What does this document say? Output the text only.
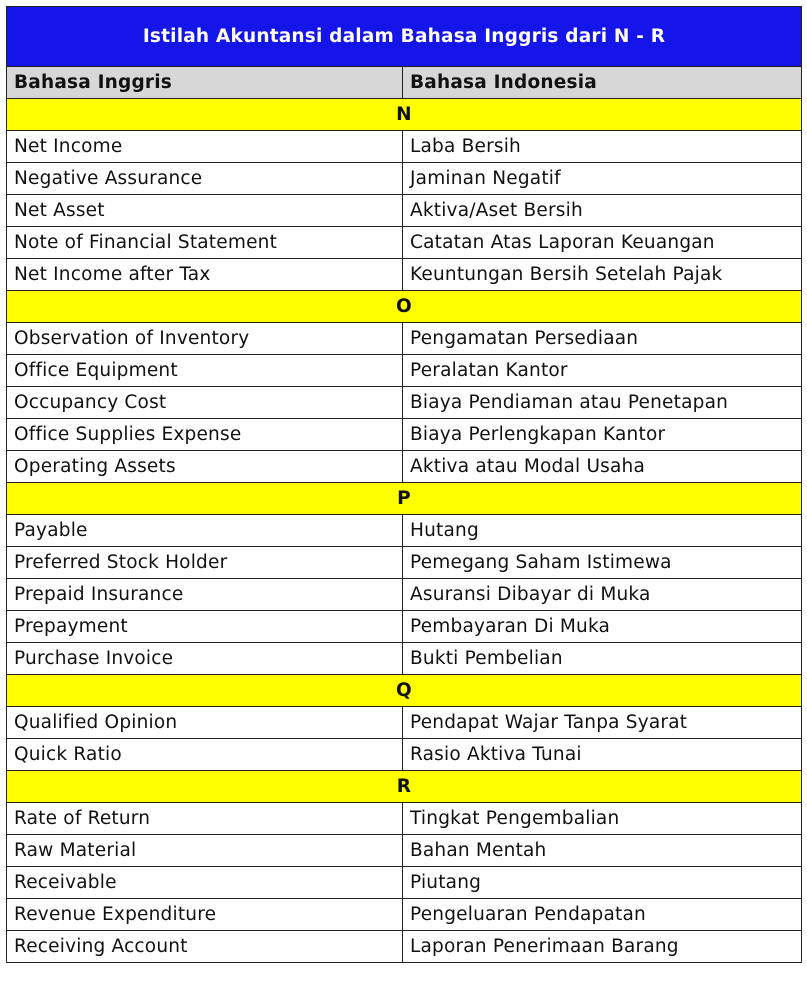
Istilah Akuntansi dalam Bahasa Inggris dari N - R	
Bahasa Inggris	Bahasa Indonesia
N	
Net Income	Laba Bersih
Negative Assurance	Jaminan Negatif
Net Asset	Aktiva/Aset Bersih
Note of Financial Statement	Catatan Atas Laporan Keuangan
Net Income after Tax	Keuntungan Bersih Setelah Pajak
O	
Observation of Inventory	Pengamatan Persediaan
Office Equipment	Peralatan Kantor
Occupancy Cost	Biaya Pendiaman atau Penetapan
Office Supplies Expense	Biaya Perlengkapan Kantor
Operating Assets	Aktiva atau Modal Usaha
P	
Payable	Hutang
Preferred Stock Holder	Pemegang Saham Istimewa
Prepaid Insurance	Asuransi Dibayar di Muka
Prepayment	Pembayaran Di Muka
Purchase Invoice	Bukti Pembelian
Q	
Qualified Opinion	Pendapat Wajar Tanpa Syarat
Quick Ratio	Rasio Aktiva Tunai
R	
Rate of Return	Tingkat Pengembalian
Raw Material	Bahan Mentah
Receivable	Piutang
Revenue Expenditure	Pengeluaran Pendapatan
Receiving Account	Laporan Penerimaan Barang
